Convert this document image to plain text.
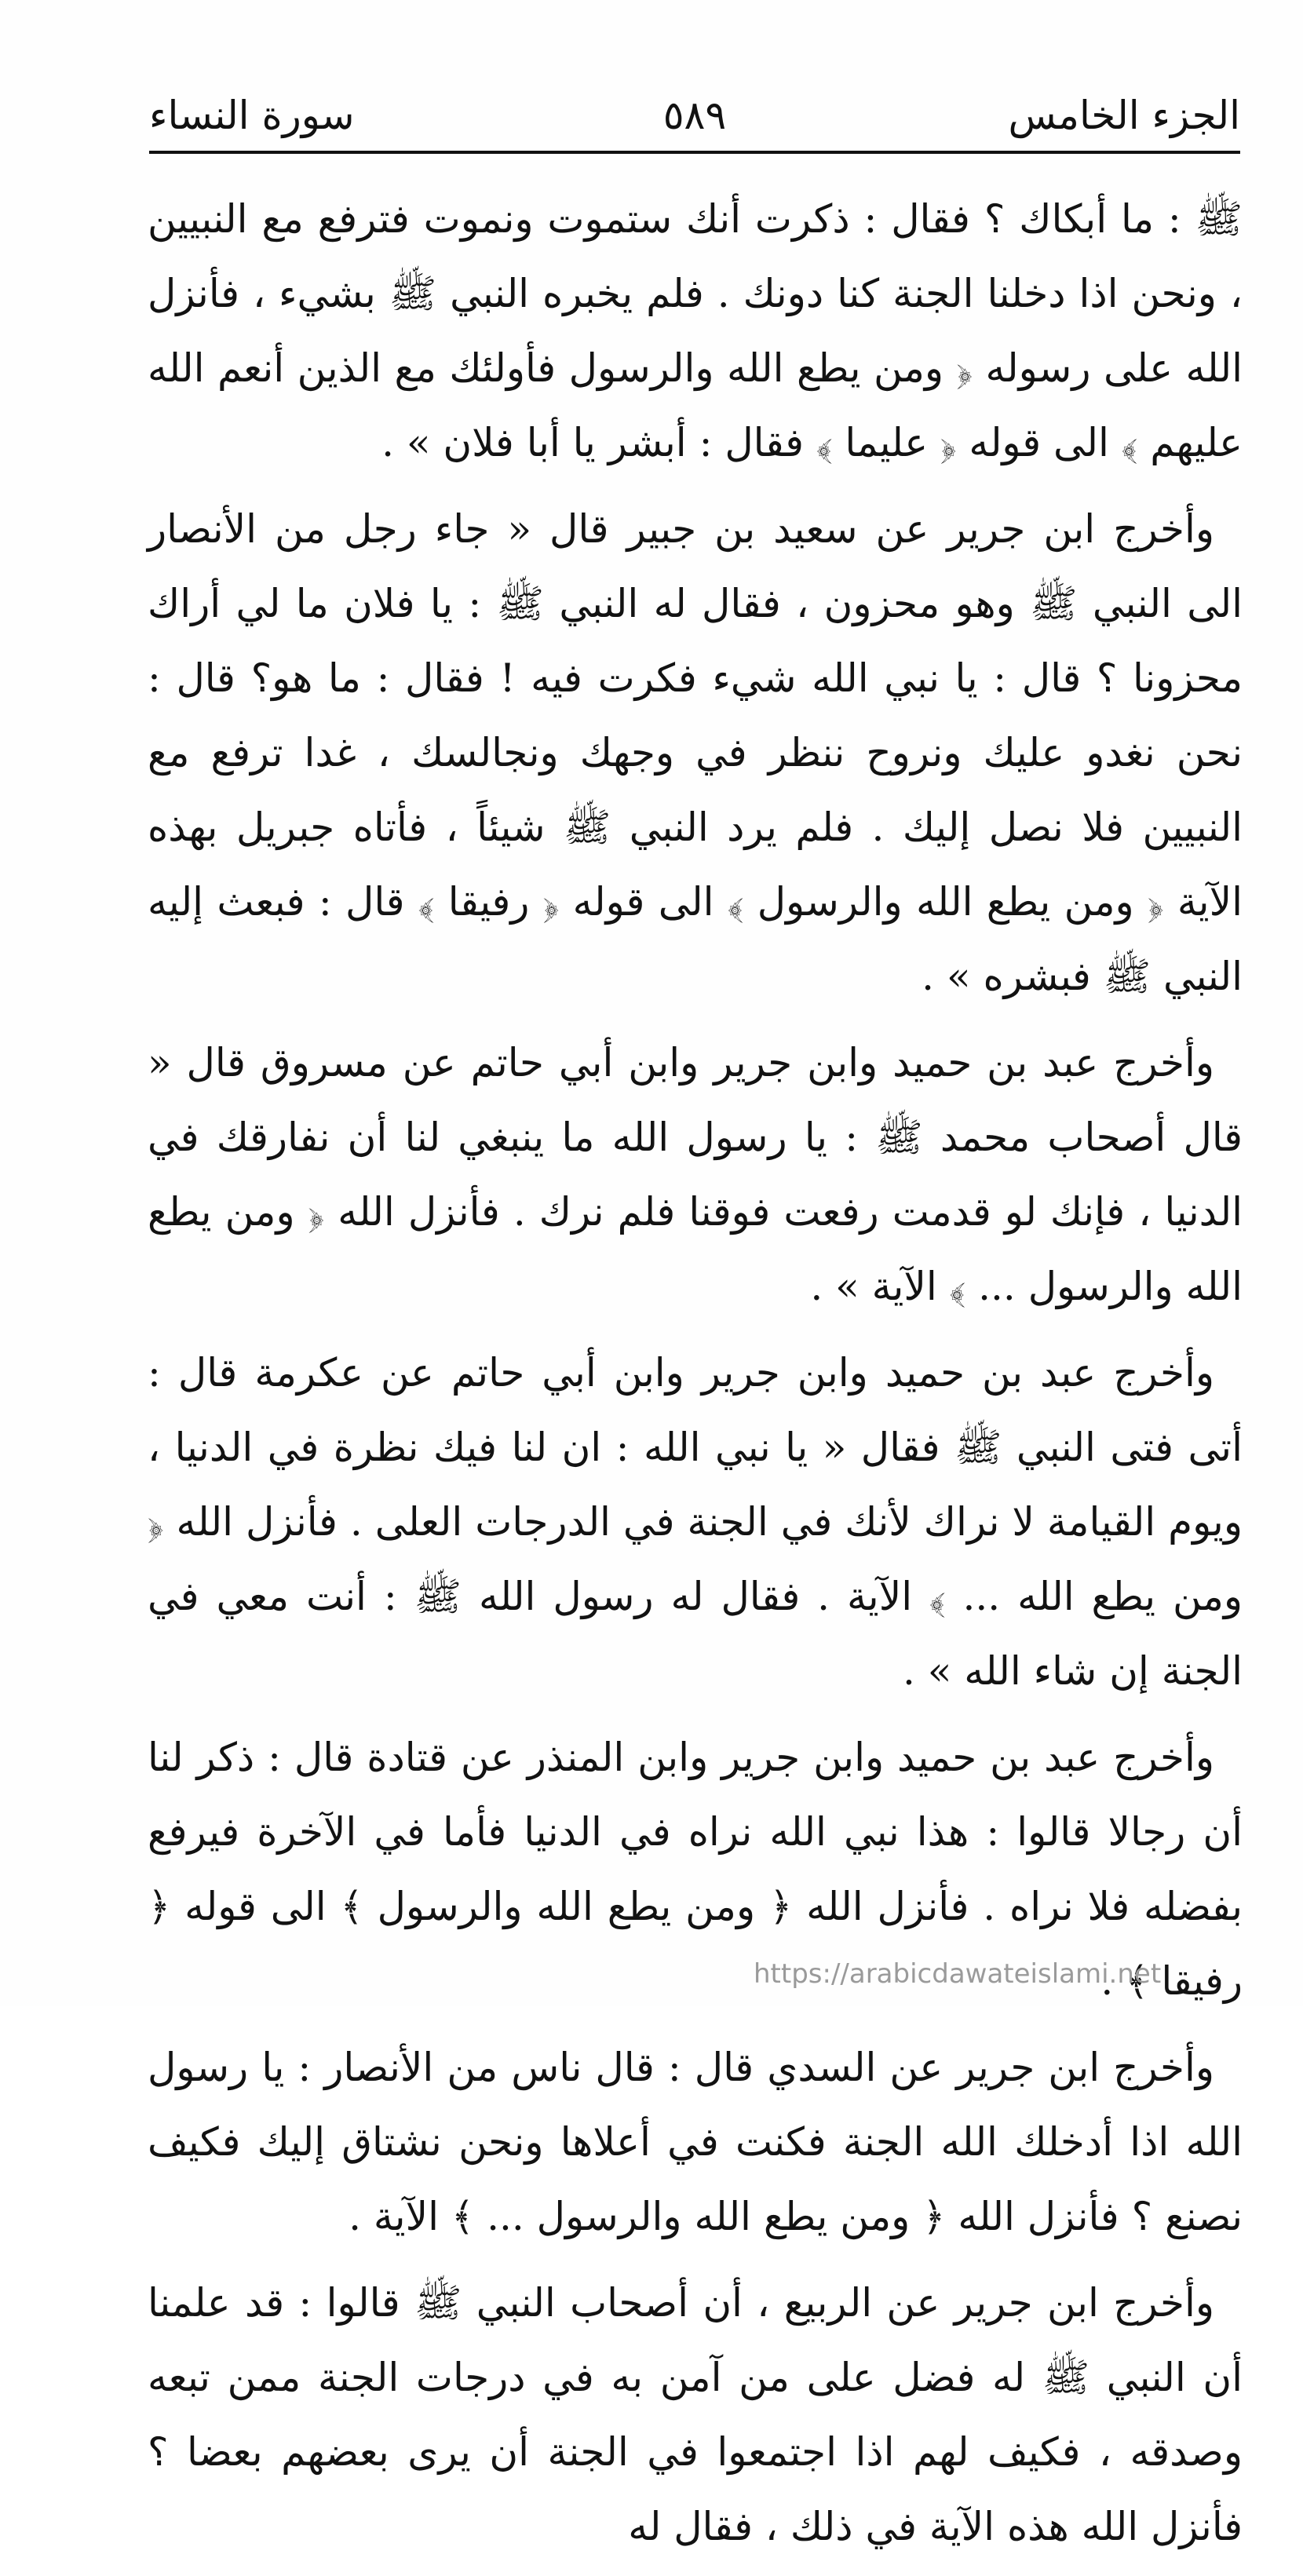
الجزء الخامس
٥٨٩
سورة النساء

ﷺ : ما أبكاك ؟ فقال : ذكرت أنك ستموت ونموت فترفع مع النبيين ، ونحن اذا دخلنا الجنة كنا دونك . فلم يخبره النبي ﷺ بشيء ، فأنزل الله على رسوله ﴿ ومن يطع الله والرسول فأولئك مع الذين أنعم الله عليهم ﴾ الى قوله ﴿ عليما ﴾ فقال : أبشر يا أبا فلان » .

وأخرج ابن جرير عن سعيد بن جبير قال « جاء رجل من الأنصار الى النبي ﷺ وهو محزون ، فقال له النبي ﷺ : يا فلان ما لي أراك محزونا ؟ قال : يا نبي الله شيء فكرت فيه ! فقال : ما هو؟ قال : نحن نغدو عليك ونروح ننظر في وجهك ونجالسك ، غدا ترفع مع النبيين فلا نصل إليك . فلم يرد النبي ﷺ شيئاً ، فأتاه جبريل بهذه الآية ﴿ ومن يطع الله والرسول ﴾ الى قوله ﴿ رفيقا ﴾ قال : فبعث إليه النبي ﷺ فبشره » .

وأخرج عبد بن حميد وابن جرير وابن أبي حاتم عن مسروق قال « قال أصحاب محمد ﷺ : يا رسول الله ما ينبغي لنا أن نفارقك في الدنيا ، فإنك لو قدمت رفعت فوقنا فلم نرك . فأنزل الله ﴿ ومن يطع الله والرسول ... ﴾ الآية » .

وأخرج عبد بن حميد وابن جرير وابن أبي حاتم عن عكرمة قال : أتى فتى النبي ﷺ فقال « يا نبي الله : ان لنا فيك نظرة في الدنيا ، ويوم القيامة لا نراك لأنك في الجنة في الدرجات العلى . فأنزل الله ﴿ ومن يطع الله ... ﴾ الآية . فقال له رسول الله ﷺ : أنت معي في الجنة إن شاء الله » .

وأخرج عبد بن حميد وابن جرير وابن المنذر عن قتادة قال : ذكر لنا أن رجالا قالوا : هذا نبي الله نراه في الدنيا فأما في الآخرة فيرفع بفضله فلا نراه . فأنزل الله ﴿ ومن يطع الله والرسول ﴾ الى قوله ﴿ رفيقا ﴾ .

وأخرج ابن جرير عن السدي قال : قال ناس من الأنصار : يا رسول الله اذا أدخلك الله الجنة فكنت في أعلاها ونحن نشتاق إليك فكيف نصنع ؟ فأنزل الله ﴿ ومن يطع الله والرسول ... ﴾ الآية .

وأخرج ابن جرير عن الربيع ، أن أصحاب النبي ﷺ قالوا : قد علمنا أن النبي ﷺ له فضل على من آمن به في درجات الجنة ممن تبعه وصدقه ، فكيف لهم اذا اجتمعوا في الجنة أن يرى بعضهم بعضا ؟ فأنزل الله هذه الآية في ذلك ، فقال له

https://arabicdawateislami.net
